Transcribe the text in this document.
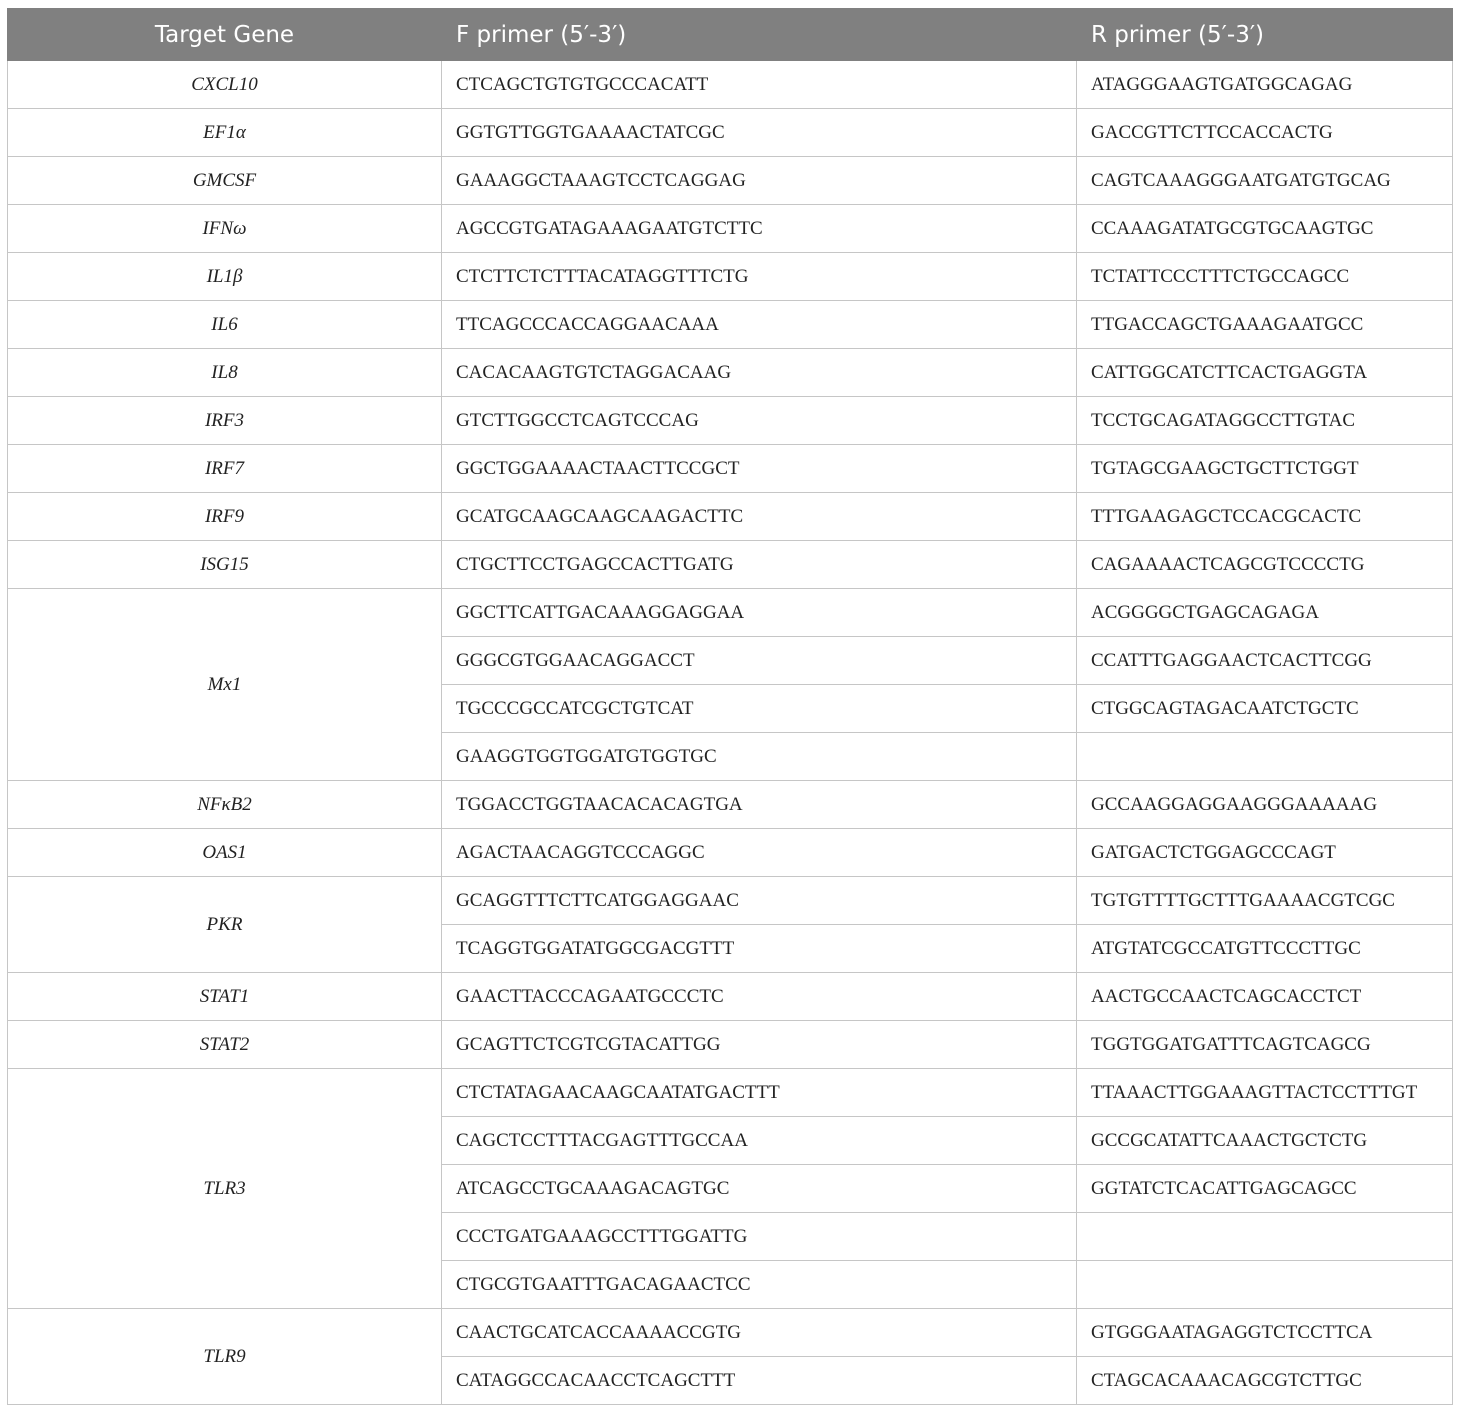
Target Gene	F primer (5′-3′)	R primer (5′-3′)
CXCL10	CTCAGCTGTGTGCCCACATT	ATAGGGAAGTGATGGCAGAG
EF1α	GGTGTTGGTGAAAACTATCGC	GACCGTTCTTCCACCACTG
GMCSF	GAAAGGCTAAAGTCCTCAGGAG	CAGTCAAAGGGAATGATGTGCAG
IFNω	AGCCGTGATAGAAAGAATGTCTTC	CCAAAGATATGCGTGCAAGTGC
IL1β	CTCTTCTCTTTACATAGGTTTCTG	TCTATTCCCTTTCTGCCAGCC
IL6	TTCAGCCCACCAGGAACAAA	TTGACCAGCTGAAAGAATGCC
IL8	CACACAAGTGTCTAGGACAAG	CATTGGCATCTTCACTGAGGTA
IRF3	GTCTTGGCCTCAGTCCCAG	TCCTGCAGATAGGCCTTGTAC
IRF7	GGCTGGAAAACTAACTTCCGCT	TGTAGCGAAGCTGCTTCTGGT
IRF9	GCATGCAAGCAAGCAAGACTTC	TTTGAAGAGCTCCACGCACTC
ISG15	CTGCTTCCTGAGCCACTTGATG	CAGAAAACTCAGCGTCCCCTG
Mx1	GGCTTCATTGACAAAGGAGGAA	ACGGGGCTGAGCAGAGA
	GGGCGTGGAACAGGACCT	CCATTTGAGGAACTCACTTCGG
	TGCCCGCCATCGCTGTCAT	CTGGCAGTAGACAATCTGCTC
	GAAGGTGGTGGATGTGGTGC	
NFκB2	TGGACCTGGTAACACACAGTGA	GCCAAGGAGGAAGGGAAAAAG
OAS1	AGACTAACAGGTCCCAGGC	GATGACTCTGGAGCCCAGT
PKR	GCAGGTTTCTTCATGGAGGAAC	TGTGTTTTGCTTTGAAAACGTCGC
	TCAGGTGGATATGGCGACGTTT	ATGTATCGCCATGTTCCCTTGC
STAT1	GAACTTACCCAGAATGCCCTC	AACTGCCAACTCAGCACCTCT
STAT2	GCAGTTCTCGTCGTACATTGG	TGGTGGATGATTTCAGTCAGCG
TLR3	CTCTATAGAACAAGCAATATGACTTT	TTAAACTTGGAAAGTTACTCCTTTGT
	CAGCTCCTTTACGAGTTTGCCAA	GCCGCATATTCAAACTGCTCTG
	ATCAGCCTGCAAAGACAGTGC	GGTATCTCACATTGAGCAGCC
	CCCTGATGAAAGCCTTTGGATTG	
	CTGCGTGAATTTGACAGAACTCC	
TLR9	CAACTGCATCACCAAAACCGTG	GTGGGAATAGAGGTCTCCTTCA
	CATAGGCCACAACCTCAGCTTT	CTAGCACAAACAGCGTCTTGC
